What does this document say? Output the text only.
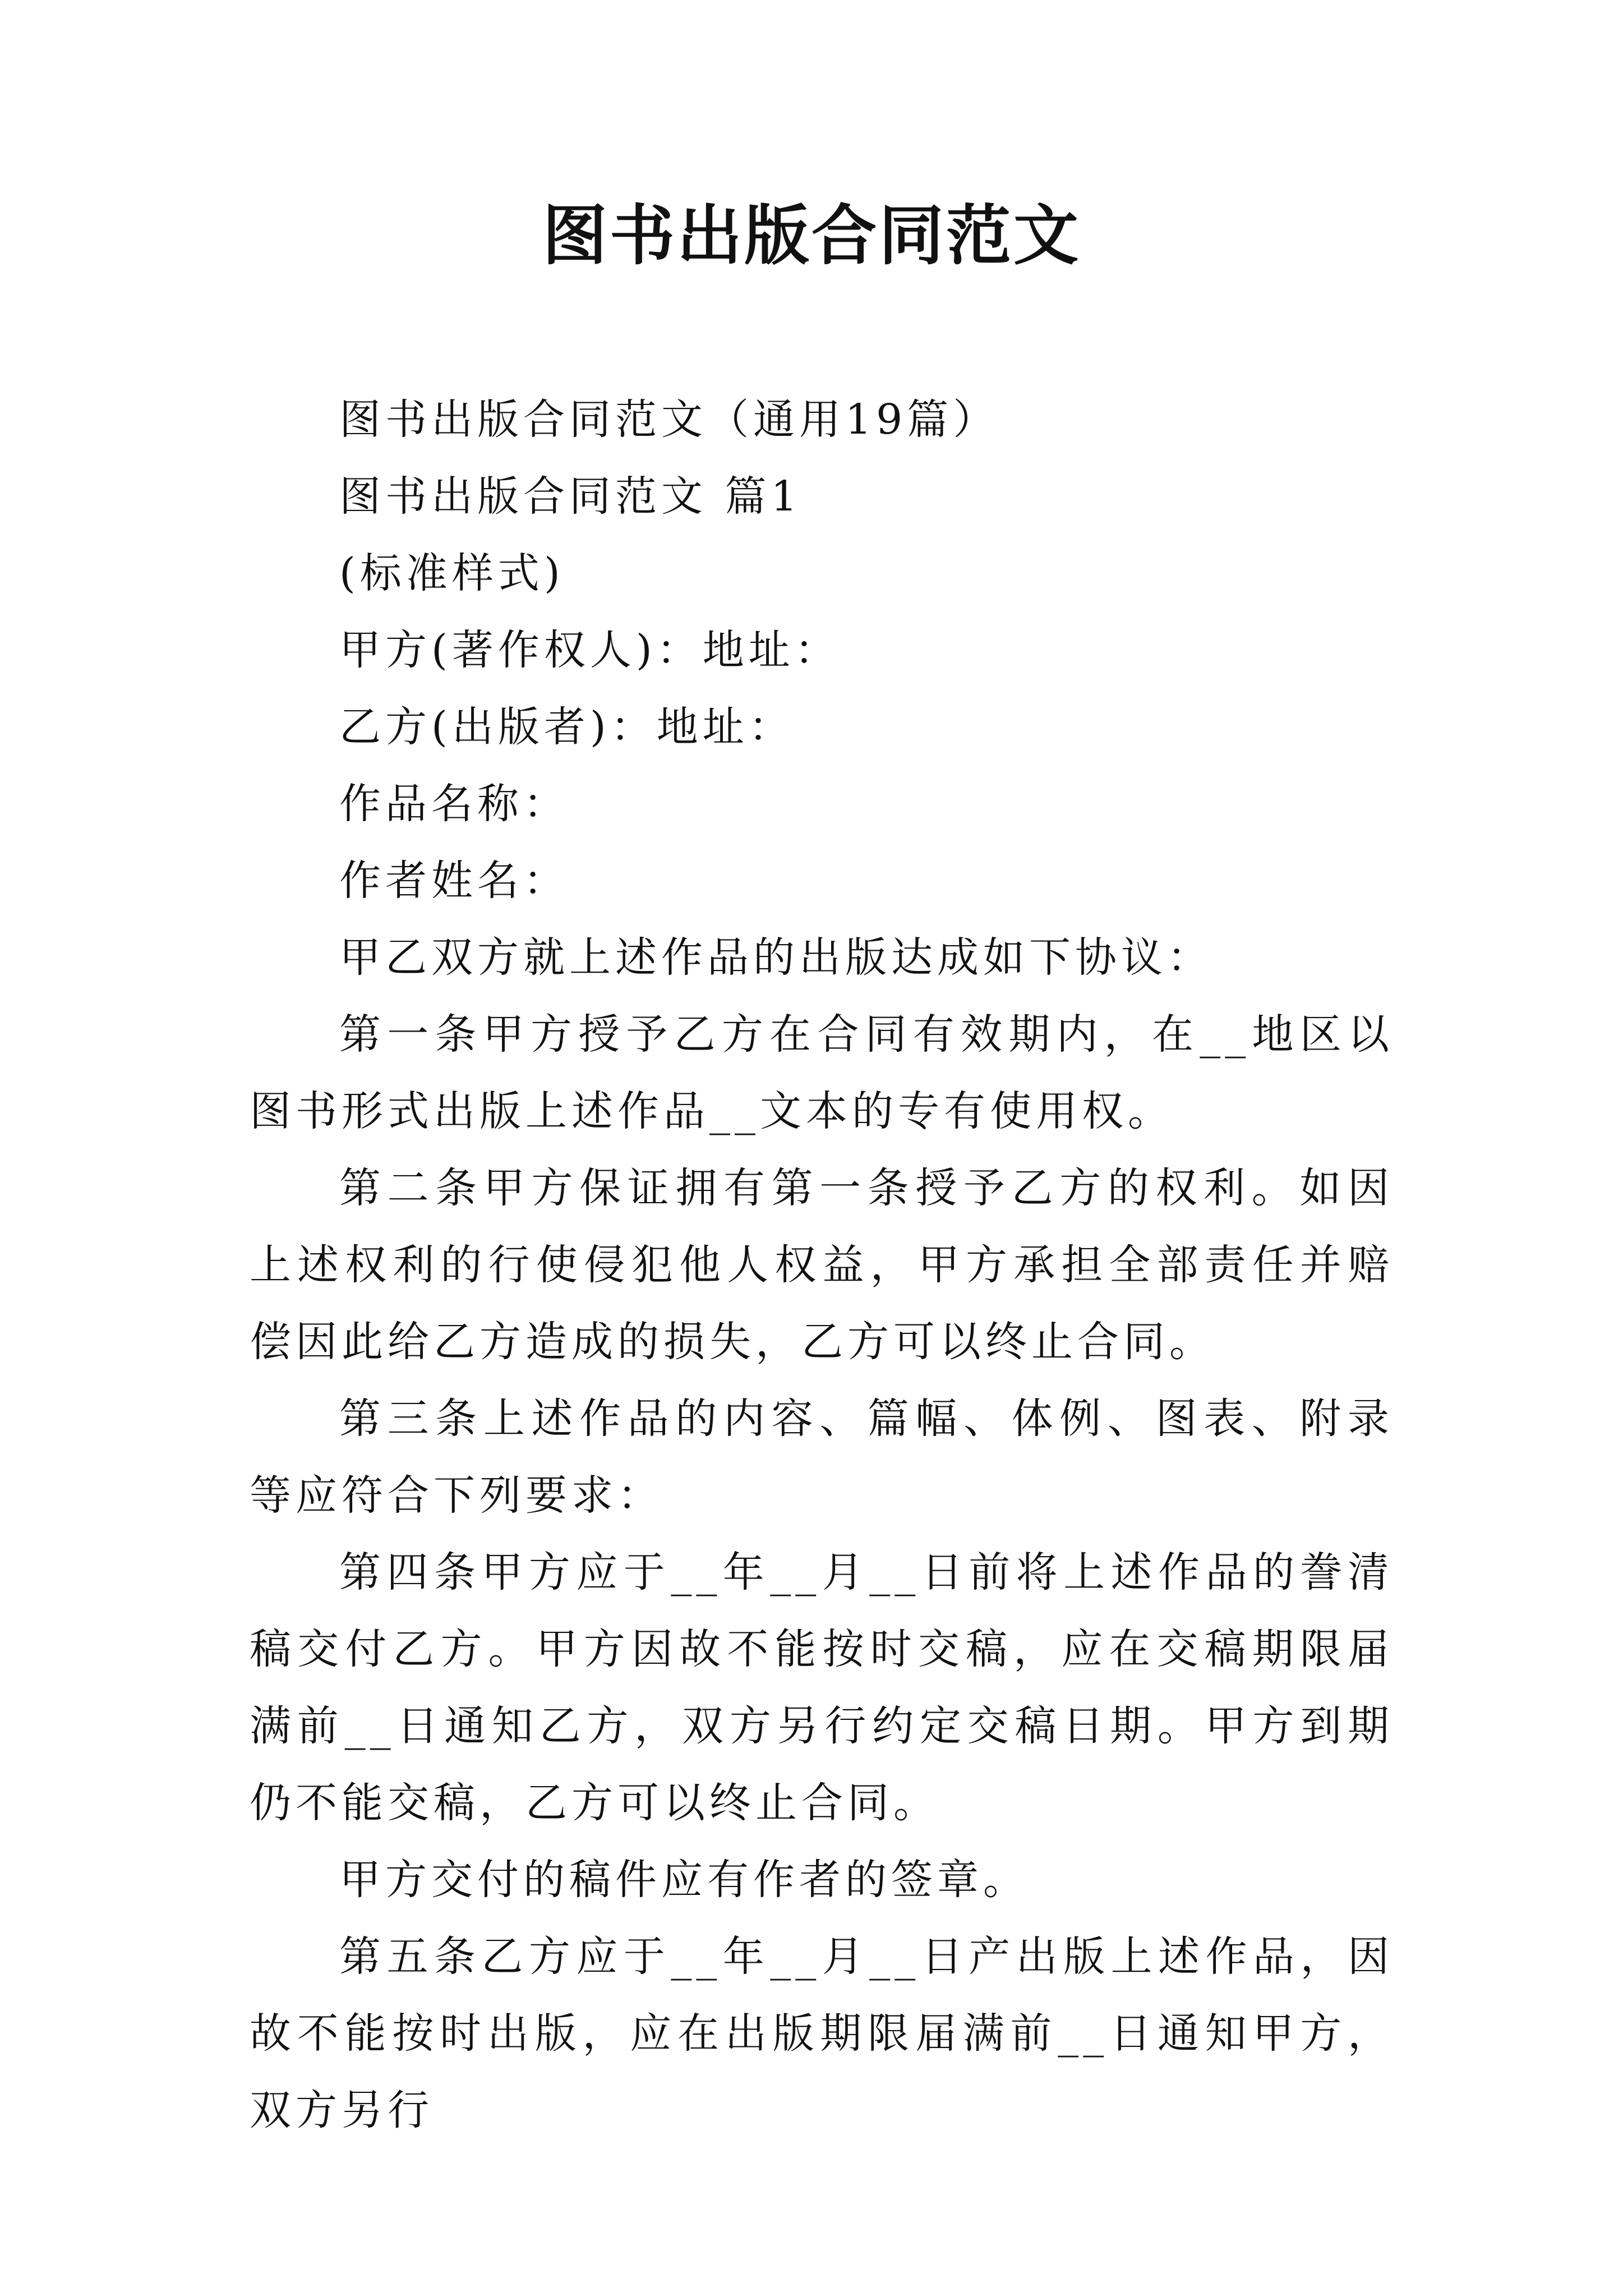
图书出版合同范文

图书出版合同范文（通用19篇）

图书出版合同范文 篇1

(标准样式)

甲方(著作权人)：地址：

乙方(出版者)：地址：

作品名称：

作者姓名：

甲乙双方就上述作品的出版达成如下协议：

第一条甲方授予乙方在合同有效期内，在__地区以图书形式出版上述作品__文本的专有使用权。

第二条甲方保证拥有第一条授予乙方的权利。如因上述权利的行使侵犯他人权益，甲方承担全部责任并赔偿因此给乙方造成的损失，乙方可以终止合同。

第三条上述作品的内容、篇幅、体例、图表、附录等应符合下列要求：

第四条甲方应于__年__月__日前将上述作品的誊清稿交付乙方。甲方因故不能按时交稿，应在交稿期限届满前__日通知乙方，双方另行约定交稿日期。甲方到期仍不能交稿，乙方可以终止合同。

甲方交付的稿件应有作者的签章。

第五条乙方应于__年__月__日产出版上述作品，因故不能按时出版，应在出版期限届满前__日通知甲方，双方另行
